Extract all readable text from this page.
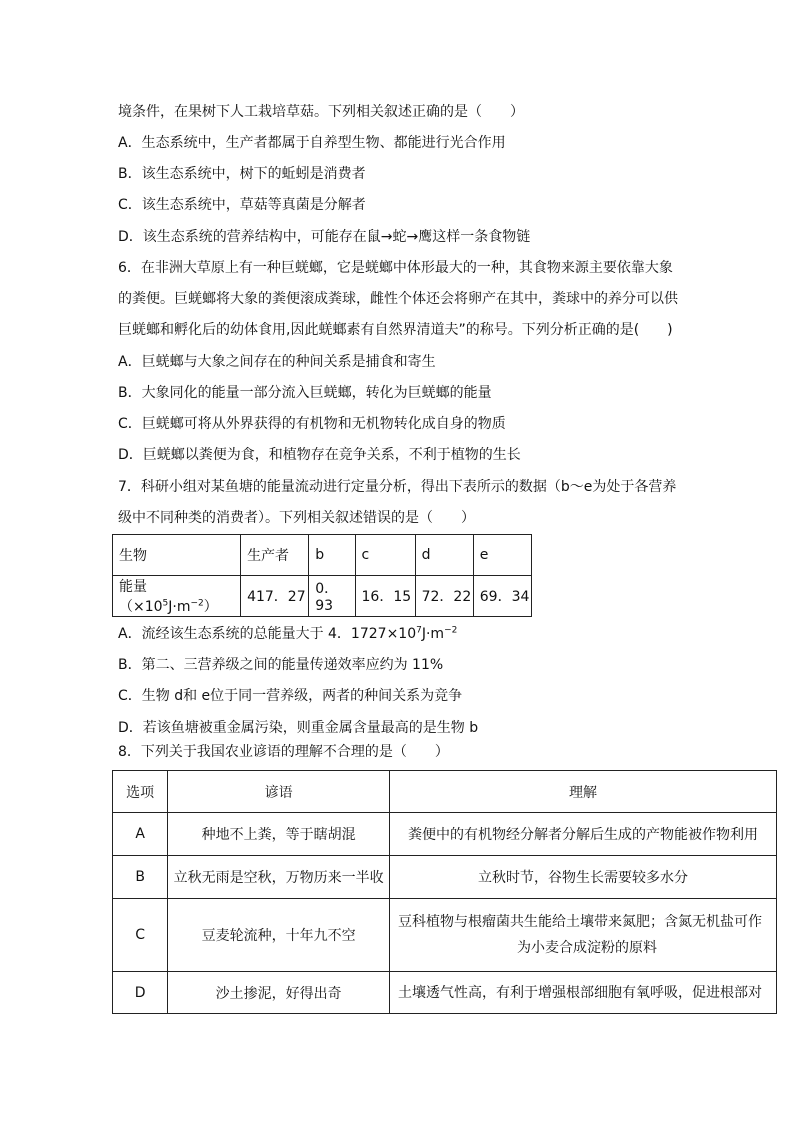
境条件，在果树下人工栽培草菇。下列相关叙述正确的是（　　）
A．生态系统中，生产者都属于自养型生物、都能进行光合作用
B．该生态系统中，树下的蚯蚓是消费者
C．该生态系统中，草菇等真菌是分解者
D．该生态系统的营养结构中，可能存在鼠→蛇→鹰这样一条食物链
6．在非洲大草原上有一种巨蜣螂，它是蜣螂中体形最大的一种，其食物来源主要依靠大象
的粪便。巨蜣螂将大象的粪便滚成粪球，雌性个体还会将卵产在其中，粪球中的养分可以供
巨蜣螂和孵化后的幼体食用,因此蜣螂素有自然界清道夫”的称号。下列分析正确的是(　　)
A．巨蜣螂与大象之间存在的种间关系是捕食和寄生
B．大象同化的能量一部分流入巨蜣螂，转化为巨蜣螂的能量
C．巨蜣螂可将从外界获得的有机物和无机物转化成自身的物质
D．巨蜣螂以粪便为食，和植物存在竞争关系，不利于植物的生长
7．科研小组对某鱼塘的能量流动进行定量分析，得出下表所示的数据（b～e为处于各营养
级中不同种类的消费者）。下列相关叙述错误的是（　　）
生物	生产者	b	c	d	e
能量$(\times 10^5J\cdot m^{-2})$	417．27	0．93	16．15	72．22	69．34
A．流经该生态系统的总能量大于 4．$1727\times 10^7J\cdot m^{-2}$
B．第二、三营养级之间的能量传递效率应约为 11%
C．生物 d和 e位于同一营养级，两者的种间关系为竞争
D．若该鱼塘被重金属污染，则重金属含量最高的是生物 b
8．下列关于我国农业谚语的理解不合理的是（　　）
选项	谚语	理解
A	种地不上粪，等于瞎胡混	粪便中的有机物经分解者分解后生成的产物能被作物利用
B	立秋无雨是空秋，万物历来一半收	立秋时节，谷物生长需要较多水分
C	豆麦轮流种，十年九不空	豆科植物与根瘤菌共生能给土壤带来氮肥；含氮无机盐可作
为小麦合成淀粉的原料

D	沙土掺泥，好得出奇	土壤透气性高，有利于增强根部细胞有氧呼吸，促进根部对
